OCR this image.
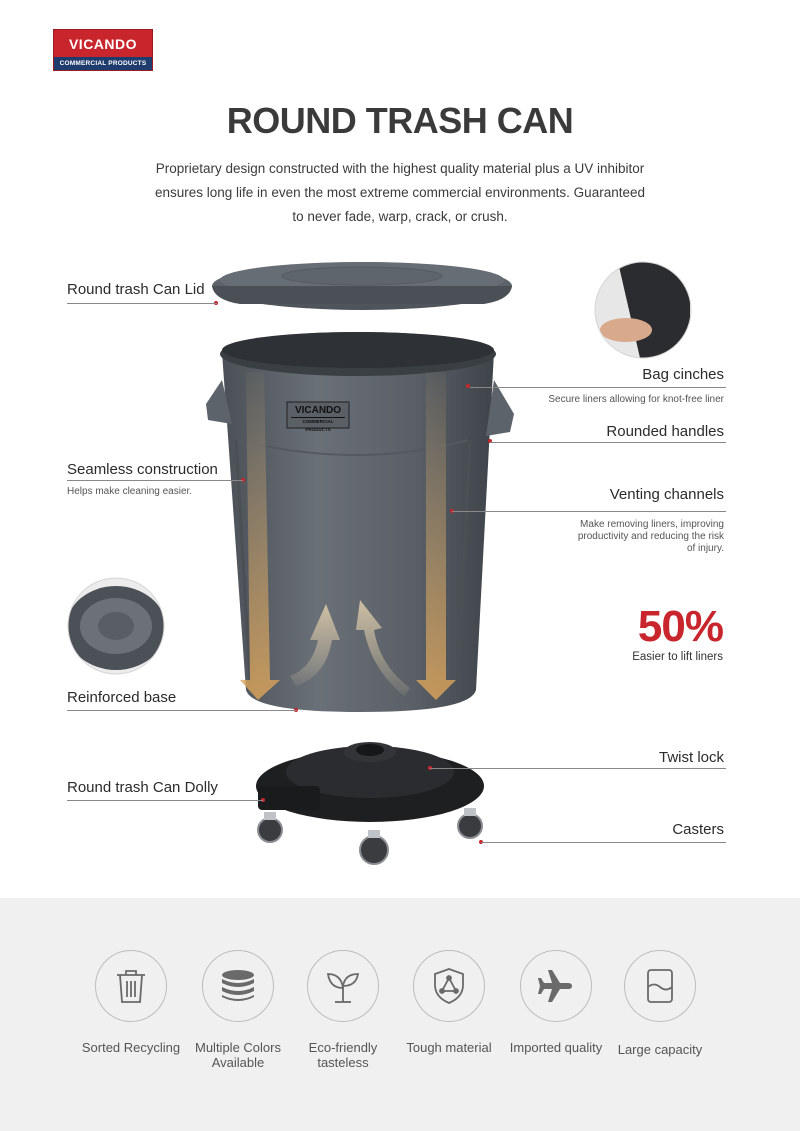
VICANDO
COMMERCIAL PRODUCTS
ROUND TRASH CAN

Proprietary design constructed with the highest quality material plus a UV inhibitor ensures long life in even the most extreme commercial environments. Guaranteed to never fade, warp, crack, or crush.

VICANDO
COMMERCIAL PRODUCTS
Round trash Can Lid
Bag cinches
Secure liners allowing for knot-free liner
Rounded handles
Seamless construction
Helps make cleaning easier.	Venting channels
Make removing liners, improving
productivity and reducing the risk
of injury.
50%
Easier to lift liners
Reinforced base
Twist lock
Round trash Can Dolly
Casters
Sorted Recycling	Multiple Colors
Available
Eco-friendly
tasteless
Tough material	Imported quality	Large capacity
